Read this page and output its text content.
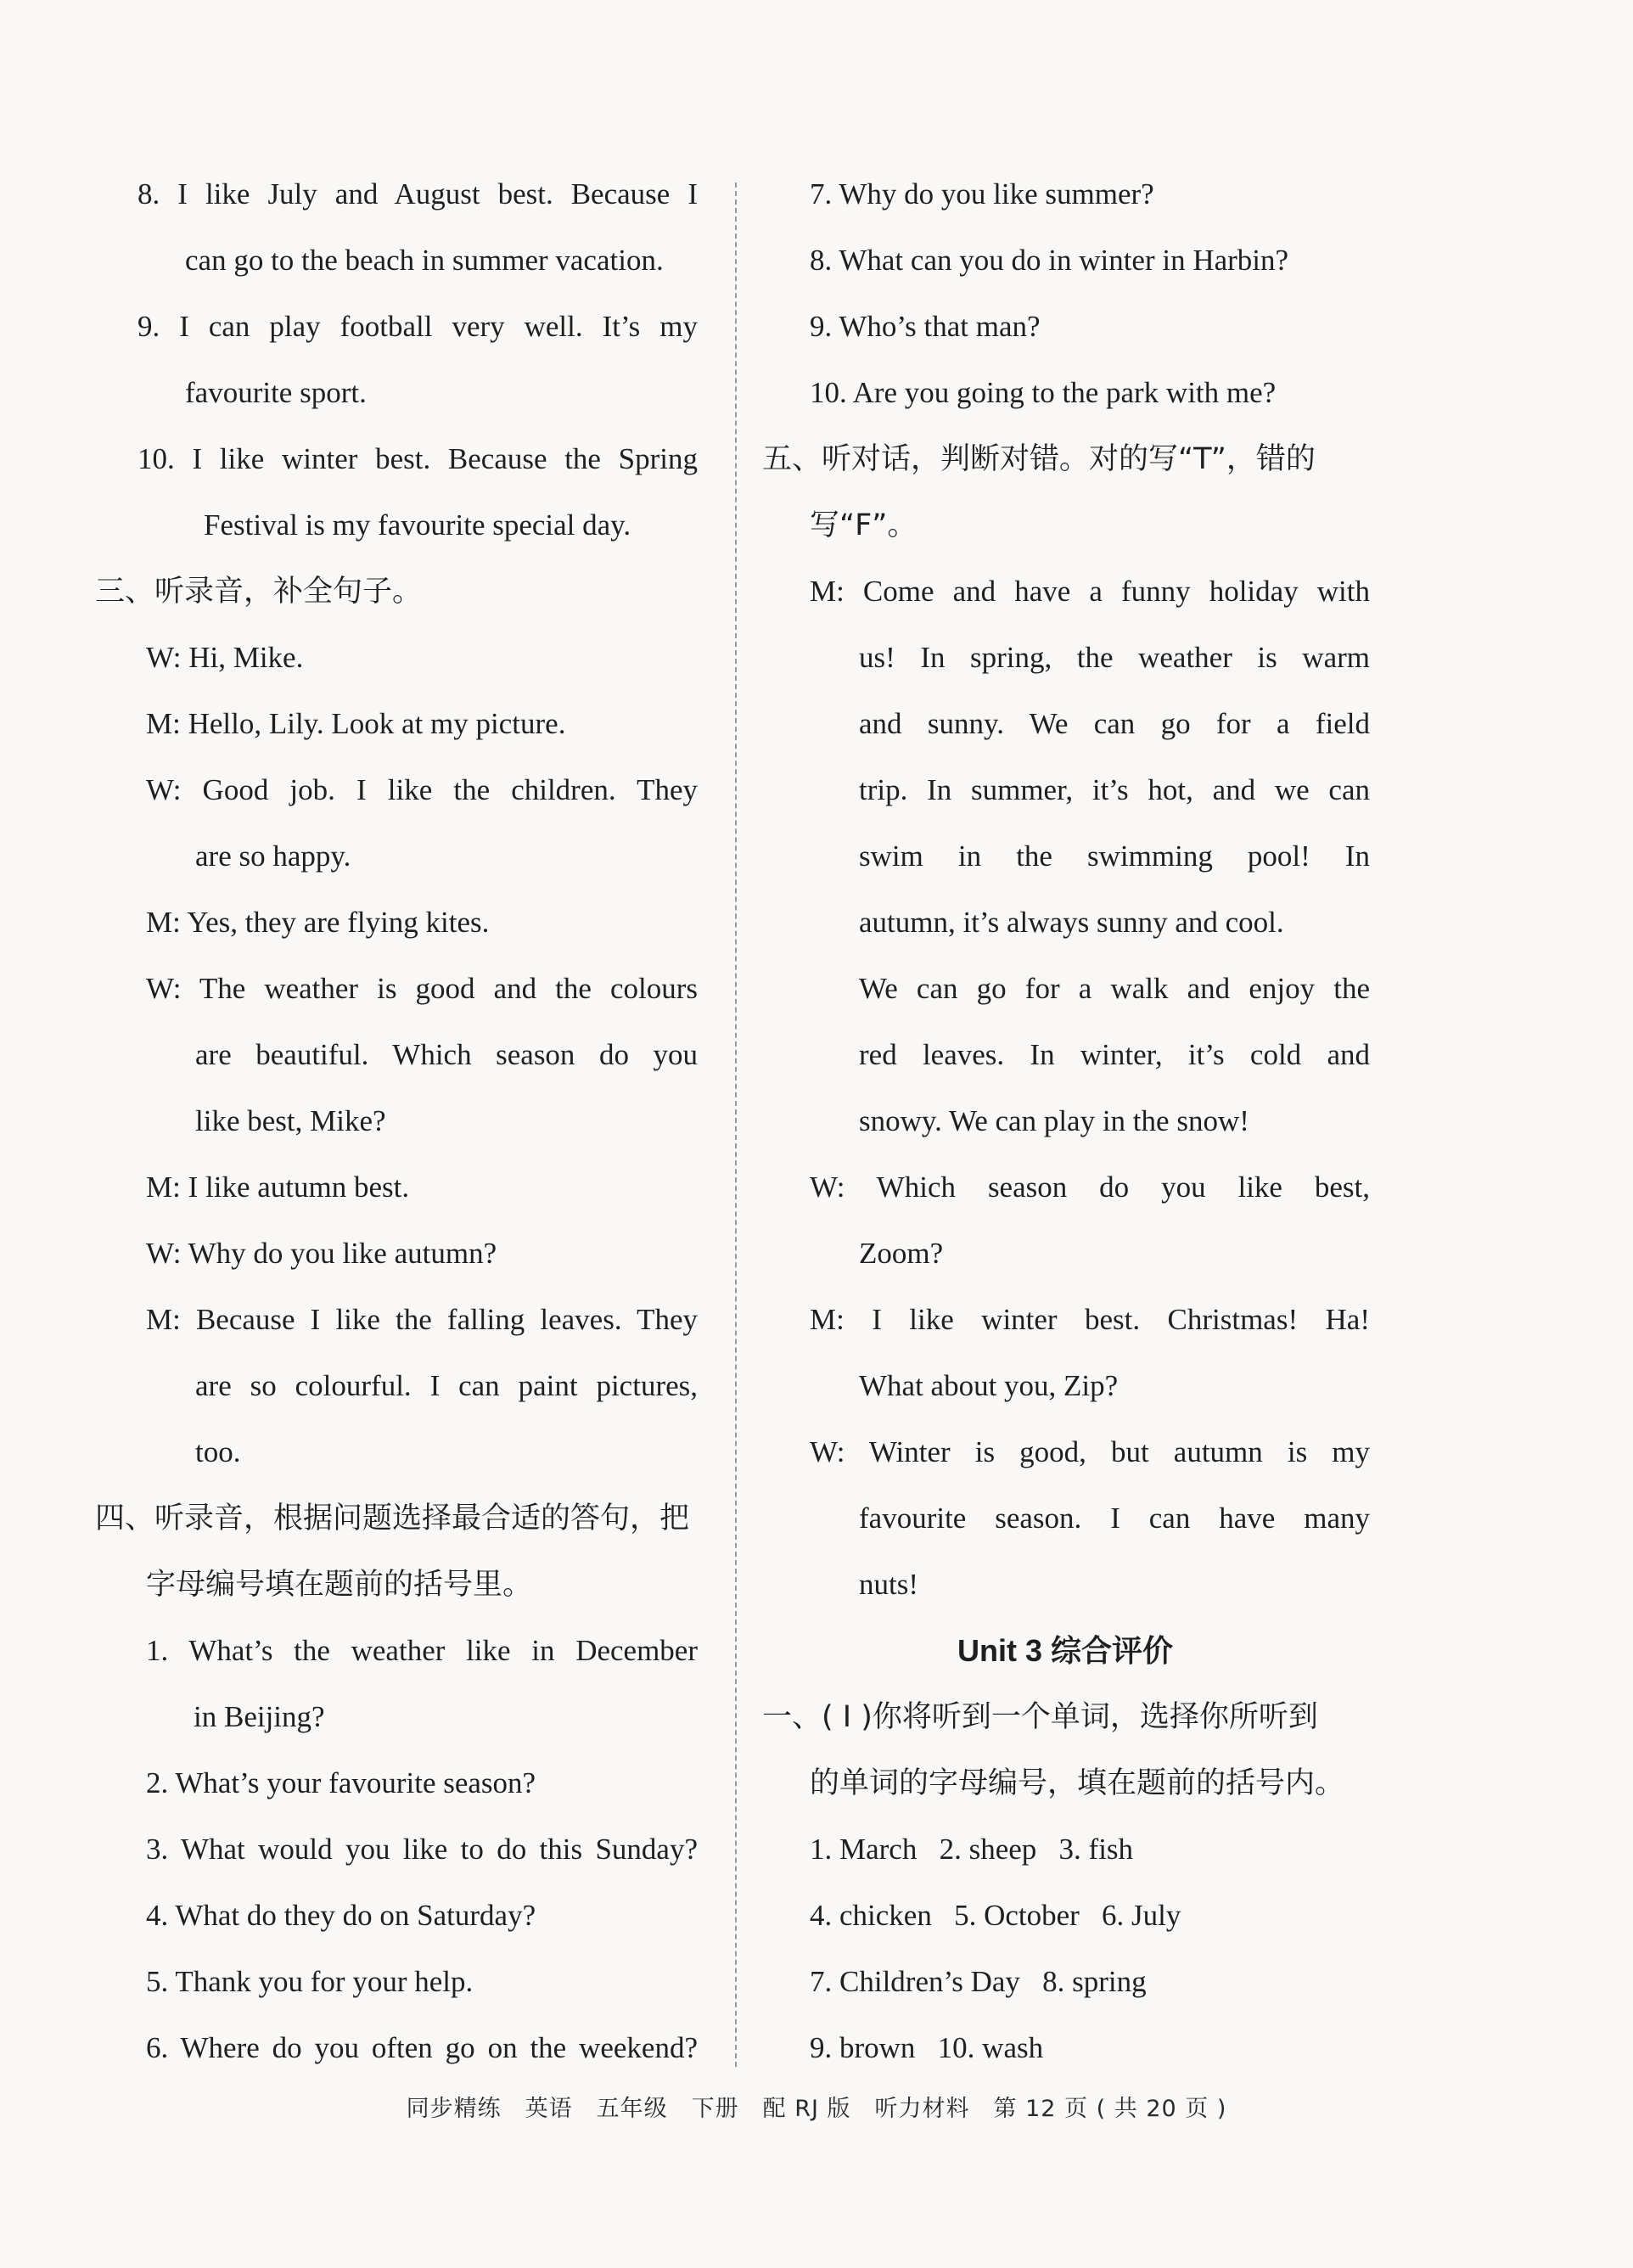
8. I like July and August best. Because I
can go to the beach in summer vacation.
9. I can play football very well. It’s my
favourite sport.
10. I like winter best. Because the Spring
Festival is my favourite special day.
三、听录音，补全句子。
W: Hi, Mike.
M: Hello, Lily. Look at my picture.
W: Good job. I like the children. They
are so happy.
M: Yes, they are flying kites.
W: The weather is good and the colours
are beautiful. Which season do you
like best, Mike?
M: I like autumn best.
W: Why do you like autumn?
M: Because I like the falling leaves. They
are so colourful. I can paint pictures,
too.
四、听录音，根据问题选择最合适的答句，把
字母编号填在题前的括号里。
1. What’s the weather like in December
in Beijing?
2. What’s your favourite season?
3. What would you like to do this Sunday?
4. What do they do on Saturday?
5. Thank you for your help.
6. Where do you often go on the weekend?
7. Why do you like summer?
8. What can you do in winter in Harbin?
9. Who’s that man?
10. Are you going to the park with me?
五、听对话，判断对错。对的写“T”，错的
写“F”。
M: Come and have a funny holiday with
us! In spring, the weather is warm
and sunny. We can go for a field
trip. In summer, it’s hot, and we can
swim in the swimming pool! In
autumn, it’s always sunny and cool.
We can go for a walk and enjoy the
red leaves. In winter, it’s cold and
snowy. We can play in the snow!
W: Which season do you like best,
Zoom?
M: I like winter best. Christmas! Ha!
What about you, Zip?
W: Winter is good, but autumn is my
favourite season. I can have many
nuts!
Unit 3 综合评价
一、( Ⅰ )你将听到一个单词，选择你所听到
的单词的字母编号，填在题前的括号内。
1. March   2. sheep   3. fish
4. chicken   5. October   6. July
7. Children’s Day   8. spring
9. brown   10. wash
同步精练　英语　五年级　下册　配 RJ 版　听力材料　第 12 页 ( 共 20 页 )
